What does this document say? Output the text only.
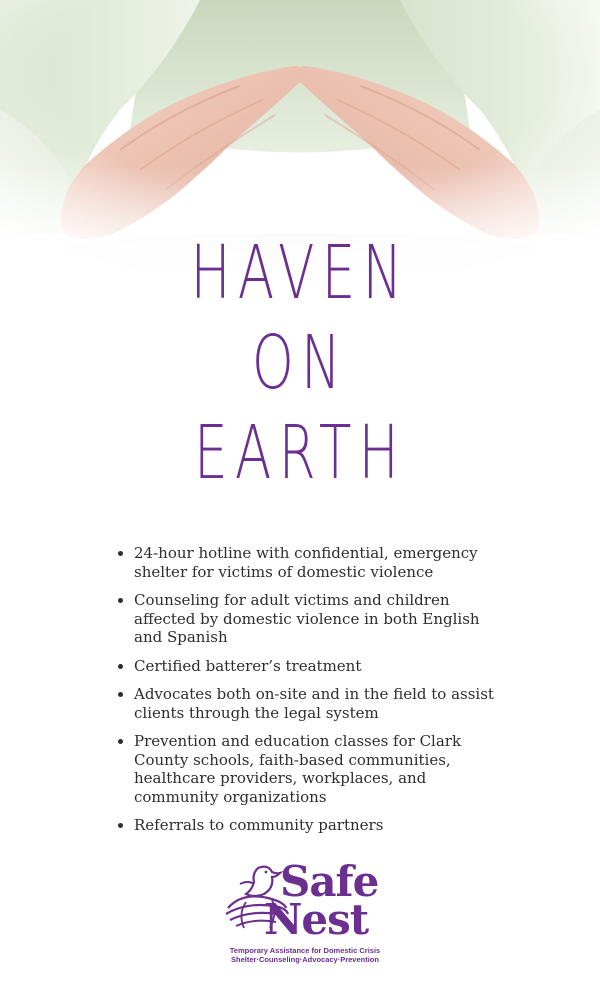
HAVEN
ON
EARTH
24-hour hotline with confidential, emergency shelter for victims of domestic violence
Counseling for adult victims and children affected by domestic violence in both English and Spanish
Certified batterer’s treatment
Advocates both on-site and in the field to assist clients through the legal system
Prevention and education classes for Clark County schools, faith-based communities, healthcare providers, workplaces, and community organizations
Referrals to community partners
Safe
Nest
Temporary Assistance for Domestic Crisis
Shelter·Counseling·Advocacy·Prevention
